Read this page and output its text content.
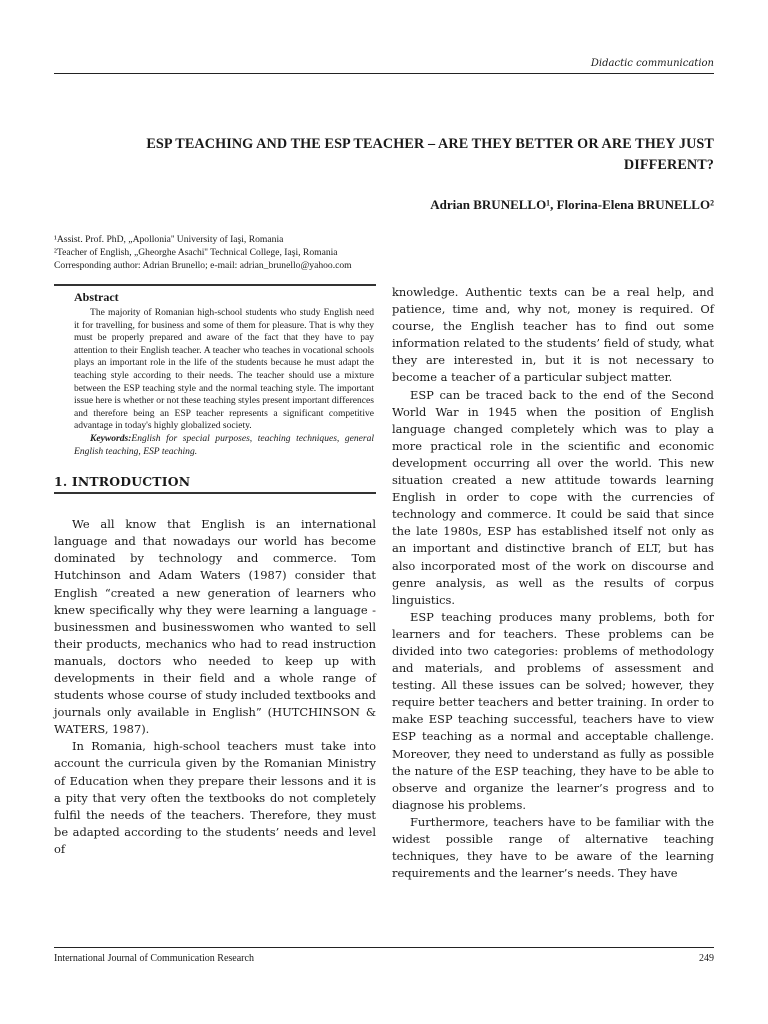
Didactic communication
ESP TEACHING AND THE ESP TEACHER – ARE THEY BETTER OR ARE THEY JUST DIFFERENT?
Adrian BRUNELLO¹, Florina-Elena BRUNELLO²
¹Assist. Prof. PhD, „Apollonia'' University of Iaşi, Romania
²Teacher of English, „Gheorghe Asachi'' Technical College, Iaşi, Romania
Corresponding author: Adrian Brunello; e-mail: adrian_brunello@yahoo.com
Abstract
The majority of Romanian high-school students who study English need it for travelling, for business and some of them for pleasure. That is why they must be properly prepared and aware of the fact that they have to pay attention to their English teacher. A teacher who teaches in vocational schools plays an important role in the life of the students because he must adapt the teaching style according to their needs. The teacher should use a mixture between the ESP teaching style and the normal teaching style. The important issue here is whether or not these teaching styles present important differences and therefore being an ESP teacher represents a significant competitive advantage in today's highly globalized society.
Keywords:English for special purposes, teaching techniques, general English teaching, ESP teaching.
1. INTRODUCTION

We all know that English is an international language and that nowadays our world has become dominated by technology and commerce. Tom Hutchinson and Adam Waters (1987) consider that English “created a new generation of learners who knew specifically why they were learning a language - businessmen and businesswomen who wanted to sell their products, mechanics who had to read instruction manuals, doctors who needed to keep up with developments in their field and a whole range of students whose course of study included textbooks and journals only available in English” (HUTCHINSON & WATERS, 1987).

In Romania, high-school teachers must take into account the curricula given by the Romanian Ministry of Education when they prepare their lessons and it is a pity that very often the textbooks do not completely fulfil the needs of the teachers. Therefore, they must be adapted according to the students’ needs and level of

knowledge. Authentic texts can be a real help, and patience, time and, why not, money is required. Of course, the English teacher has to find out some information related to the students’ field of study, what they are interested in, but it is not necessary to become a teacher of a particular subject matter.

ESP can be traced back to the end of the Second World War in 1945 when the position of English language changed completely which was to play a more practical role in the scientific and economic development occurring all over the world. This new situation created a new attitude towards learning English in order to cope with the currencies of technology and commerce. It could be said that since the late 1980s, ESP has established itself not only as an important and distinctive branch of ELT, but has also incorporated most of the work on discourse and genre analysis, as well as the results of corpus linguistics.

ESP teaching produces many problems, both for learners and for teachers. These problems can be divided into two categories: problems of methodology and materials, and problems of assessment and testing. All these issues can be solved; however, they require better teachers and better training. In order to make ESP teaching successful, teachers have to view ESP teaching as a normal and acceptable challenge. Moreover, they need to understand as fully as possible the nature of the ESP teaching, they have to be able to observe and organize the learner’s progress and to diagnose his problems.

Furthermore, teachers have to be familiar with the widest possible range of alternative teaching techniques, they have to be aware of the learning requirements and the learner’s needs. They have

International Journal of Communication Research	249
